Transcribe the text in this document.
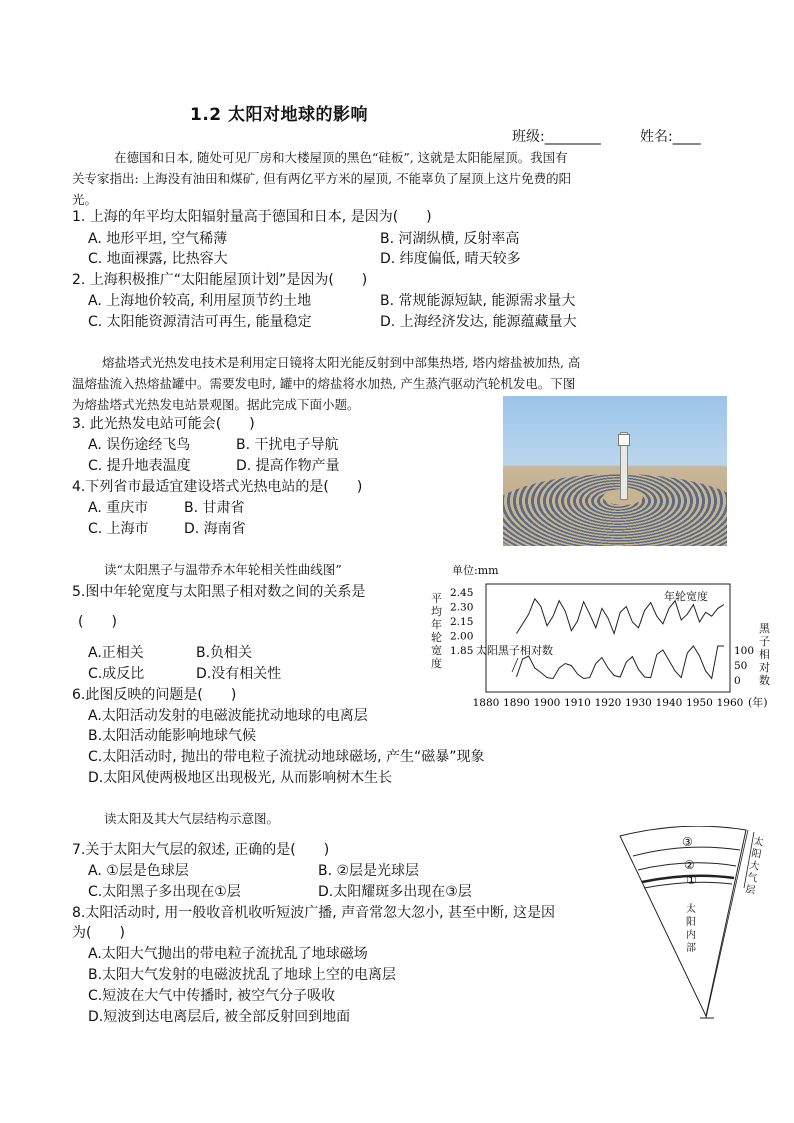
1.2 太阳对地球的影响
班级:________	姓名:____
在德国和日本, 随处可见厂房和大楼屋顶的黑色“硅板”, 这就是太阳能屋顶。我国有
关专家指出: 上海没有油田和煤矿, 但有两亿平方米的屋顶, 不能辜负了屋顶上这片免费的阳
光。
1. 上海的年平均太阳辐射量高于德国和日本, 是因为(　　)
A. 地形平坦, 空气稀薄	B. 河湖纵横, 反射率高
C. 地面裸露, 比热容大	D. 纬度偏低, 晴天较多
2. 上海积极推广“太阳能屋顶计划”是因为(　　)
A. 上海地价较高, 利用屋顶节约土地	B. 常规能源短缺, 能源需求量大
C. 太阳能资源清洁可再生, 能量稳定	D. 上海经济发达, 能源蕴藏量大
熔盐塔式光热发电技术是利用定日镜将太阳光能反射到中部集热塔, 塔内熔盐被加热, 高
温熔盐流入热熔盐罐中。需要发电时, 罐中的熔盐将水加热, 产生蒸汽驱动汽轮机发电。下图
为熔盐塔式光热发电站景观图。据此完成下面小题。
3. 此光热发电站可能会(　　)
A. 误伤途经飞鸟	B. 干扰电子导航
C. 提升地表温度	D. 提高作物产量
4.下列省市最适宜建设塔式光热电站的是(　　)
A. 重庆市	B. 甘肃省
C. 上海市	D. 海南省
读“太阳黑子与温带乔木年轮相关性曲线图”
5.图中年轮宽度与太阳黑子相对数之间的关系是
(　　)
A.正相关	B.负相关
C.成反比	D.没有相关性
单位:mm
平
均
年
轮
宽
度
黑
子
相
对
数
年轮宽度
太阳黑子相对数
(年)
2.45
2.30
2.15
2.00
1.85	100
50
0
1880 1890 1900 1910 1920 1930 1940 1950 1960
6.此图反映的问题是(　　)
A.太阳活动发射的电磁波能扰动地球的电离层
B.太阳活动能影响地球气候
C.太阳活动时, 抛出的带电粒子流扰动地球磁场, 产生“磁暴”现象
D.太阳风使两极地区出现极光, 从而影响树木生长
读太阳及其大气层结构示意图。
7.关于太阳大气层的叙述, 正确的是(　　)
A. ①层是色球层	B. ②层是光球层
C.太阳黑子多出现在①层	D.太阳耀斑多出现在③层
8.太阳活动时, 用一般收音机收听短波广播, 声音常忽大忽小, 甚至中断, 这是因
为(　　)
A.太阳大气抛出的带电粒子流扰乱了地球磁场
B.太阳大气发射的电磁波扰乱了地球上空的电离层
C.短波在大气中传播时, 被空气分子吸收
D.短波到达电离层后, 被全部反射回到地面
③
②
①
太
阳
内
部
太
阳
大
气
层
